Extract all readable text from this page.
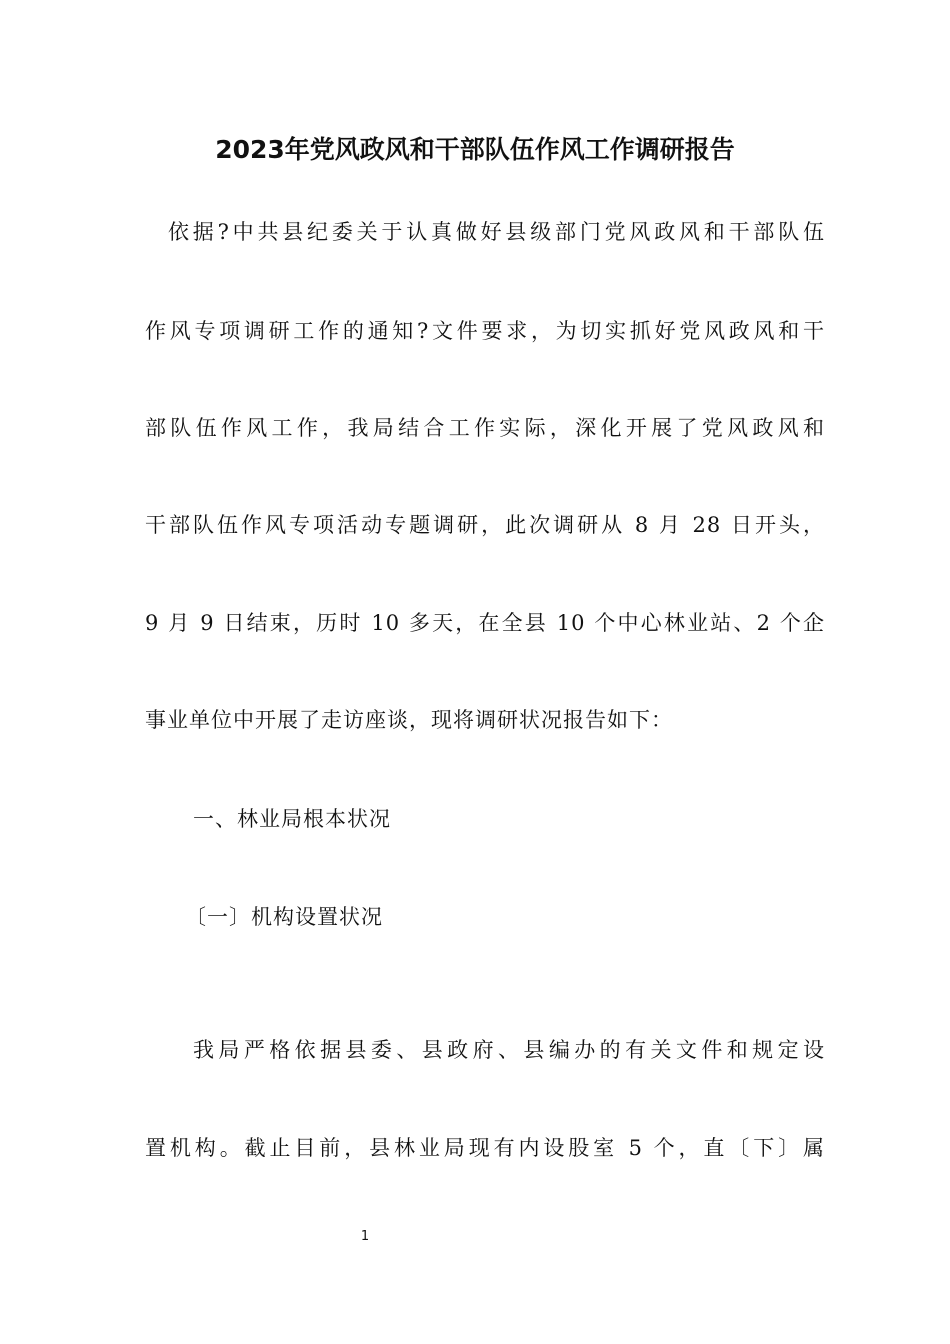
2023年党风政风和干部队伍作风工作调研报告
依据?中共县纪委关于认真做好县级部门党风政风和干部队伍
作风专项调研工作的通知?文件要求，为切实抓好党风政风和干
部队伍作风工作，我局结合工作实际，深化开展了党风政风和
干部队伍作风专项活动专题调研，此次调研从 8 月 28 日开头，
9 月 9 日结束，历时 10 多天，在全县 10 个中心林业站、2 个企
事业单位中开展了走访座谈，现将调研状况报告如下：
一、林业局根本状况
〔一〕机构设置状况
我局严格依据县委、县政府、县编办的有关文件和规定设
置机构。截止目前，县林业局现有内设股室 5 个，直〔下〕属
1
